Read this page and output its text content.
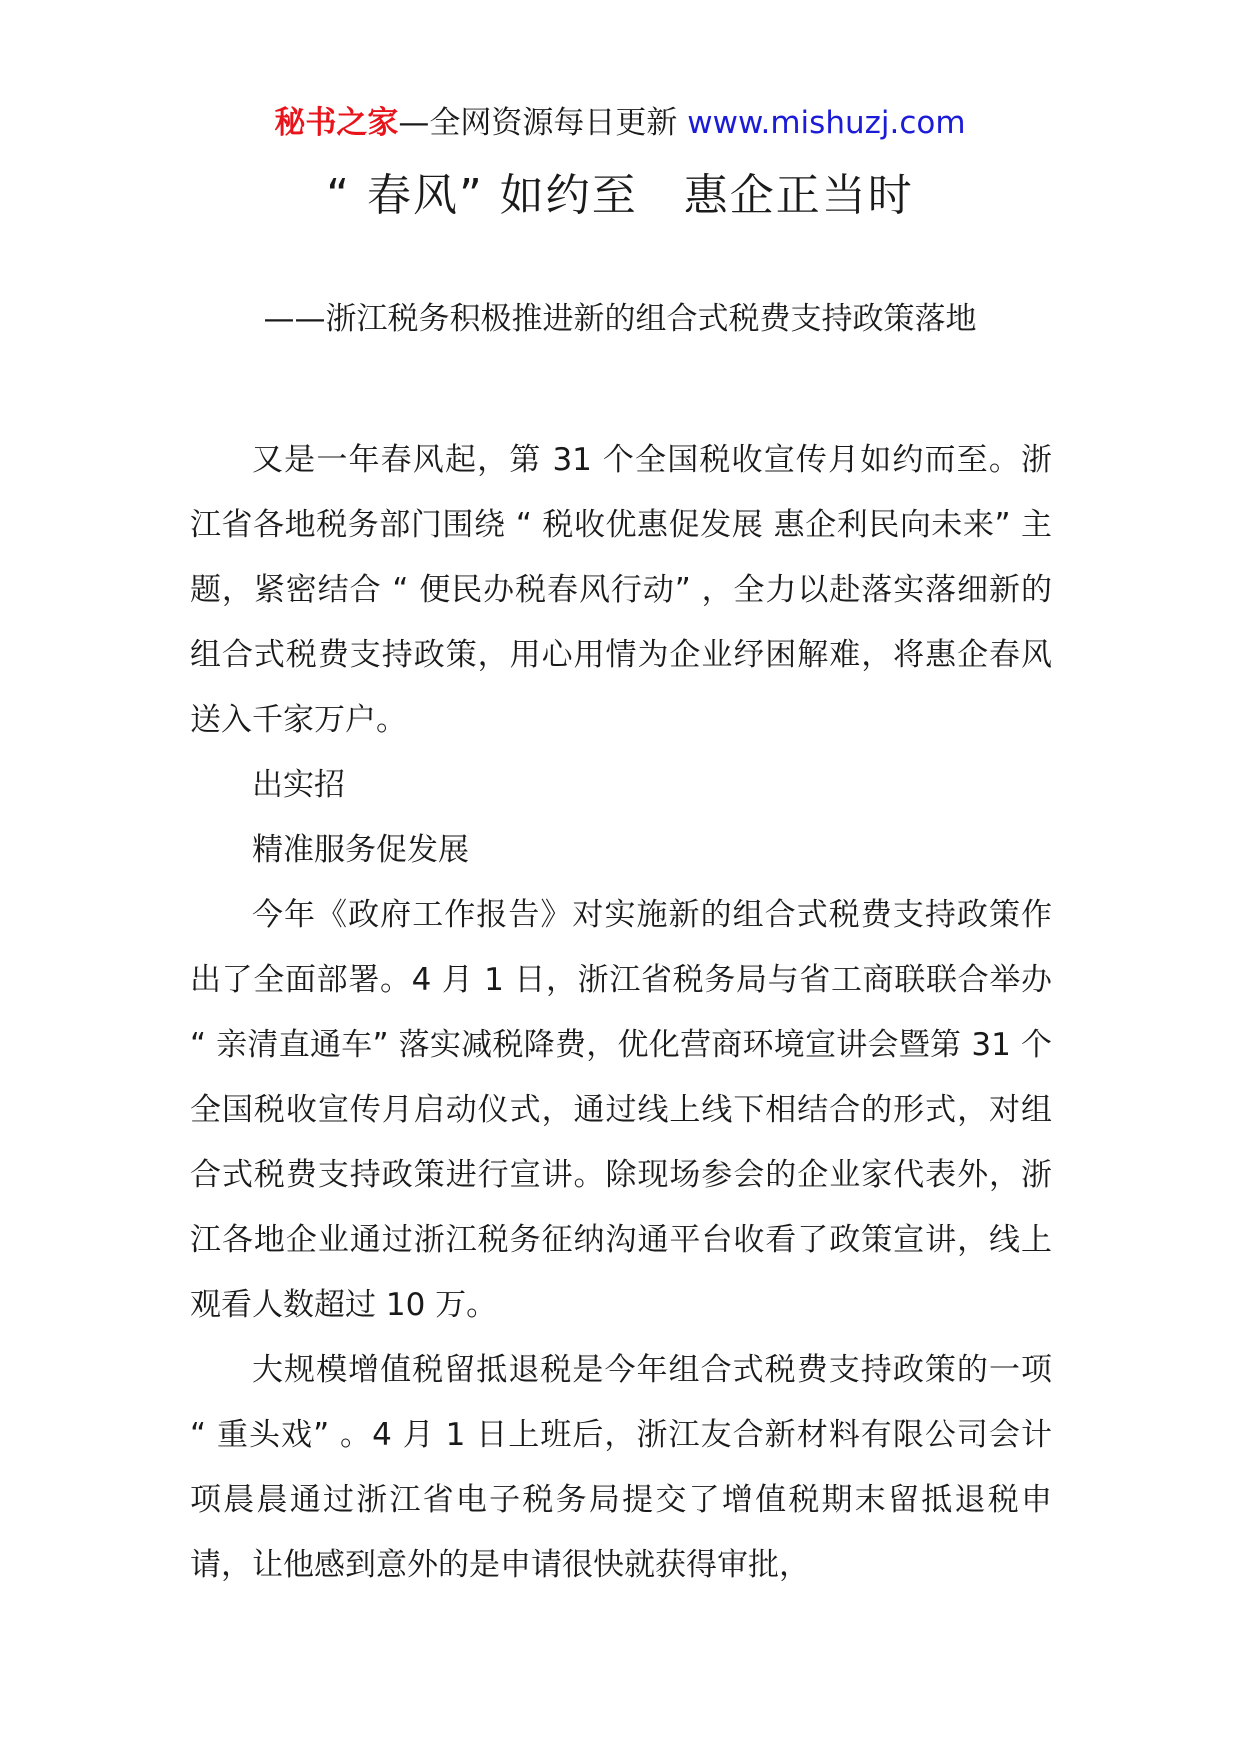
秘书之家—全网资源每日更新 www.mishuzj.com
“ 春风” 如约至　惠企正当时
——浙江税务积极推进新的组合式税费支持政策落地

又是一年春风起，第 31 个全国税收宣传月如约而至。浙江省各地税务部门围绕 “ 税收优惠促发展 惠企利民向未来” 主题，紧密结合 “ 便民办税春风行动” ，全力以赴落实落细新的组合式税费支持政策，用心用情为企业纾困解难，将惠企春风送入千家万户。

出实招

精准服务促发展

今年《政府工作报告》对实施新的组合式税费支持政策作出了全面部署。4 月 1 日，浙江省税务局与省工商联联合举办 “ 亲清直通车” 落实减税降费，优化营商环境宣讲会暨第 31 个全国税收宣传月启动仪式，通过线上线下相结合的形式，对组合式税费支持政策进行宣讲。除现场参会的企业家代表外，浙江各地企业通过浙江税务征纳沟通平台收看了政策宣讲，线上观看人数超过 10 万。

大规模增值税留抵退税是今年组合式税费支持政策的一项 “ 重头戏” 。4 月 1 日上班后，浙江友合新材料有限公司会计项晨晨通过浙江省电子税务局提交了增值税期末留抵退税申请，让他感到意外的是申请很快就获得审批，
